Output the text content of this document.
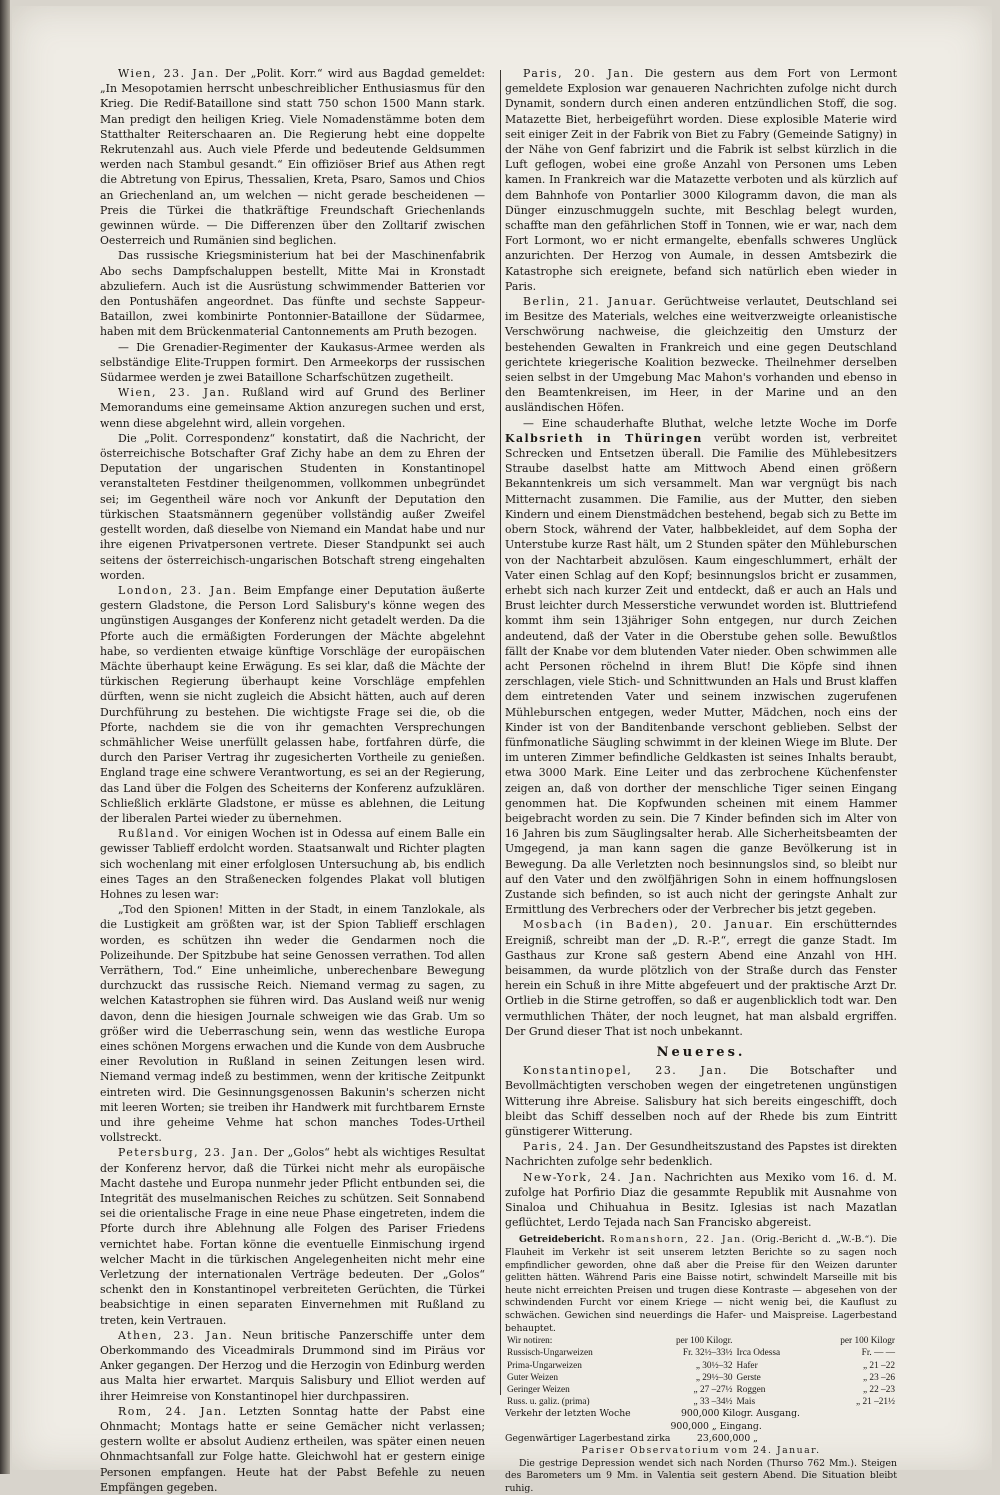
Wien, 23. Jan. Der „Polit. Korr.“ wird aus Bagdad gemeldet: „In Mesopotamien herrscht unbeschreiblicher Enthusiasmus für den Krieg. Die Redif-Bataillone sind statt 750 schon 1500 Mann stark. Man predigt den heiligen Krieg. Viele Nomadenstämme boten dem Statthalter Reiterschaaren an. Die Regierung hebt eine doppelte Rekrutenzahl aus. Auch viele Pferde und bedeutende Geldsummen werden nach Stambul gesandt.“ Ein offiziöser Brief aus Athen regt die Abtretung von Epirus, Thessalien, Kreta, Psaro, Samos und Chios an Griechenland an, um welchen — nicht gerade bescheidenen — Preis die Türkei die thatkräftige Freundschaft Griechenlands gewinnen würde. — Die Differenzen über den Zolltarif zwischen Oesterreich und Rumänien sind beglichen.

Das russische Kriegsministerium hat bei der Maschinenfabrik Abo sechs Dampfschaluppen bestellt, Mitte Mai in Kronstadt abzuliefern. Auch ist die Ausrüstung schwimmender Batterien vor den Pontushäfen angeordnet. Das fünfte und sechste Sappeur-Bataillon, zwei kombinirte Pontonnier-Bataillone der Südarmee, haben mit dem Brückenmaterial Cantonnements am Pruth bezogen.

— Die Grenadier-Regimenter der Kaukasus-Armee werden als selbständige Elite-Truppen formirt. Den Armeekorps der russischen Südarmee werden je zwei Bataillone Scharfschützen zugetheilt.

Wien, 23. Jan. Rußland wird auf Grund des Berliner Memorandums eine gemeinsame Aktion anzuregen suchen und erst, wenn diese abgelehnt wird, allein vorgehen.

Die „Polit. Correspondenz“ konstatirt, daß die Nachricht, der österreichische Botschafter Graf Zichy habe an dem zu Ehren der Deputation der ungarischen Studenten in Konstantinopel veranstalteten Festdiner theilgenommen, vollkommen unbegründet sei; im Gegentheil wäre noch vor Ankunft der Deputation den türkischen Staatsmännern gegenüber vollständig außer Zweifel gestellt worden, daß dieselbe von Niemand ein Mandat habe und nur ihre eigenen Privatpersonen vertrete. Dieser Standpunkt sei auch seitens der österreichisch-ungarischen Botschaft streng eingehalten worden.

London, 23. Jan. Beim Empfange einer Deputation äußerte gestern Gladstone, die Person Lord Salisbury's könne wegen des ungünstigen Ausganges der Konferenz nicht getadelt werden. Da die Pforte auch die ermäßigten Forderungen der Mächte abgelehnt habe, so verdienten etwaige künftige Vorschläge der europäischen Mächte überhaupt keine Erwägung. Es sei klar, daß die Mächte der türkischen Regierung überhaupt keine Vorschläge empfehlen dürften, wenn sie nicht zugleich die Absicht hätten, auch auf deren Durchführung zu bestehen. Die wichtigste Frage sei die, ob die Pforte, nachdem sie die von ihr gemachten Versprechungen schmählicher Weise unerfüllt gelassen habe, fortfahren dürfe, die durch den Pariser Vertrag ihr zugesicherten Vortheile zu genießen. England trage eine schwere Verantwortung, es sei an der Regierung, das Land über die Folgen des Scheiterns der Konferenz aufzuklären. Schließlich erklärte Gladstone, er müsse es ablehnen, die Leitung der liberalen Partei wieder zu übernehmen.

Rußland. Vor einigen Wochen ist in Odessa auf einem Balle ein gewisser Tablieff erdolcht worden. Staatsanwalt und Richter plagten sich wochenlang mit einer erfolglosen Untersuchung ab, bis endlich eines Tages an den Straßenecken folgendes Plakat voll blutigen Hohnes zu lesen war:

„Tod den Spionen! Mitten in der Stadt, in einem Tanzlokale, als die Lustigkeit am größten war, ist der Spion Tablieff erschlagen worden, es schützen ihn weder die Gendarmen noch die Polizeihunde. Der Spitzbube hat seine Genossen verrathen. Tod allen Verräthern, Tod.“ Eine unheimliche, unberechenbare Bewegung durchzuckt das russische Reich. Niemand vermag zu sagen, zu welchen Katastrophen sie führen wird. Das Ausland weiß nur wenig davon, denn die hiesigen Journale schweigen wie das Grab. Um so größer wird die Ueberraschung sein, wenn das westliche Europa eines schönen Morgens erwachen und die Kunde von dem Ausbruche einer Revolution in Rußland in seinen Zeitungen lesen wird. Niemand vermag indeß zu bestimmen, wenn der kritische Zeitpunkt eintreten wird. Die Gesinnungsgenossen Bakunin's scherzen nicht mit leeren Worten; sie treiben ihr Handwerk mit furchtbarem Ernste und ihre geheime Vehme hat schon manches Todes-Urtheil vollstreckt.

Petersburg, 23. Jan. Der „Golos“ hebt als wichtiges Resultat der Konferenz hervor, daß die Türkei nicht mehr als europäische Macht dastehe und Europa nunmehr jeder Pflicht entbunden sei, die Integrität des muselmanischen Reiches zu schützen. Seit Sonnabend sei die orientalische Frage in eine neue Phase eingetreten, indem die Pforte durch ihre Ablehnung alle Folgen des Pariser Friedens vernichtet habe. Fortan könne die eventuelle Einmischung irgend welcher Macht in die türkischen Angelegenheiten nicht mehr eine Verletzung der internationalen Verträge bedeuten. Der „Golos“ schenkt den in Konstantinopel verbreiteten Gerüchten, die Türkei beabsichtige in einen separaten Einvernehmen mit Rußland zu treten, kein Vertrauen.

Athen, 23. Jan. Neun britische Panzerschiffe unter dem Oberkommando des Viceadmirals Drummond sind im Piräus vor Anker gegangen. Der Herzog und die Herzogin von Edinburg werden aus Malta hier erwartet. Marquis Salisbury und Elliot werden auf ihrer Heimreise von Konstantinopel hier durchpassiren.

Rom, 24. Jan. Letzten Sonntag hatte der Pabst eine Ohnmacht; Montags hatte er seine Gemächer nicht verlassen; gestern wollte er absolut Audienz ertheilen, was später einen neuen Ohnmachtsanfall zur Folge hatte. Gleichwohl hat er gestern einige Personen empfangen. Heute hat der Pabst Befehle zu neuen Empfängen gegeben.

Paris, 20. Jan. Die gestern aus dem Fort von Lermont gemeldete Explosion war genaueren Nachrichten zufolge nicht durch Dynamit, sondern durch einen anderen entzündlichen Stoff, die sog. Matazette Biet, herbeigeführt worden. Diese explosible Materie wird seit einiger Zeit in der Fabrik von Biet zu Fabry (Gemeinde Satigny) in der Nähe von Genf fabrizirt und die Fabrik ist selbst kürzlich in die Luft geflogen, wobei eine große Anzahl von Personen ums Leben kamen. In Frankreich war die Matazette verboten und als kürzlich auf dem Bahnhofe von Pontarlier 3000 Kilogramm davon, die man als Dünger einzuschmuggeln suchte, mit Beschlag belegt wurden, schaffte man den gefährlichen Stoff in Tonnen, wie er war, nach dem Fort Lormont, wo er nicht ermangelte, ebenfalls schweres Unglück anzurichten. Der Herzog von Aumale, in dessen Amtsbezirk die Katastrophe sich ereignete, befand sich natürlich eben wieder in Paris.

Berlin, 21. Januar. Gerüchtweise verlautet, Deutschland sei im Besitze des Materials, welches eine weitverzweigte orleanistische Verschwörung nachweise, die gleichzeitig den Umsturz der bestehenden Gewalten in Frankreich und eine gegen Deutschland gerichtete kriegerische Koalition bezwecke. Theilnehmer derselben seien selbst in der Umgebung Mac Mahon's vorhanden und ebenso in den Beamtenkreisen, im Heer, in der Marine und an den ausländischen Höfen.

— Eine schauderhafte Bluthat, welche letzte Woche im Dorfe Kalbsrieth in Thüringen verübt worden ist, verbreitet Schrecken und Entsetzen überall. Die Familie des Mühlebesitzers Straube daselbst hatte am Mittwoch Abend einen größern Bekanntenkreis um sich versammelt. Man war vergnügt bis nach Mitternacht zusammen. Die Familie, aus der Mutter, den sieben Kindern und einem Dienstmädchen bestehend, begab sich zu Bette im obern Stock, während der Vater, halbbekleidet, auf dem Sopha der Unterstube kurze Rast hält, um 2 Stunden später den Mühleburschen von der Nachtarbeit abzulösen. Kaum eingeschlummert, erhält der Vater einen Schlag auf den Kopf; besinnungslos bricht er zusammen, erhebt sich nach kurzer Zeit und entdeckt, daß er auch an Hals und Brust leichter durch Messerstiche verwundet worden ist. Bluttriefend kommt ihm sein 13jähriger Sohn entgegen, nur durch Zeichen andeutend, daß der Vater in die Oberstube gehen solle. Bewußtlos fällt der Knabe vor dem blutenden Vater nieder. Oben schwimmen alle acht Personen röchelnd in ihrem Blut! Die Köpfe sind ihnen zerschlagen, viele Stich- und Schnittwunden an Hals und Brust klaffen dem eintretenden Vater und seinem inzwischen zugerufenen Mühleburschen entgegen, weder Mutter, Mädchen, noch eins der Kinder ist von der Banditenbande verschont geblieben. Selbst der fünfmonatliche Säugling schwimmt in der kleinen Wiege im Blute. Der im unteren Zimmer befindliche Geldkasten ist seines Inhalts beraubt, etwa 3000 Mark. Eine Leiter und das zerbrochene Küchenfenster zeigen an, daß von dorther der menschliche Tiger seinen Eingang genommen hat. Die Kopfwunden scheinen mit einem Hammer beigebracht worden zu sein. Die 7 Kinder befinden sich im Alter von 16 Jahren bis zum Säuglingsalter herab. Alle Sicherheitsbeamten der Umgegend, ja man kann sagen die ganze Bevölkerung ist in Bewegung. Da alle Verletzten noch besinnungslos sind, so bleibt nur auf den Vater und den zwölfjährigen Sohn in einem hoffnungslosen Zustande sich befinden, so ist auch nicht der geringste Anhalt zur Ermittlung des Verbrechers oder der Verbrecher bis jetzt gegeben.

Mosbach (in Baden), 20. Januar. Ein erschütterndes Ereigniß, schreibt man der „D. R.-P.“, erregt die ganze Stadt. Im Gasthaus zur Krone saß gestern Abend eine Anzahl von HH. beisammen, da wurde plötzlich von der Straße durch das Fenster herein ein Schuß in ihre Mitte abgefeuert und der praktische Arzt Dr. Ortlieb in die Stirne getroffen, so daß er augenblicklich todt war. Den vermuthlichen Thäter, der noch leugnet, hat man alsbald ergriffen. Der Grund dieser That ist noch unbekannt.

Neueres.

Konstantinopel, 23. Jan. Die Botschafter und Bevollmächtigten verschoben wegen der eingetretenen ungünstigen Witterung ihre Abreise. Salisbury hat sich bereits eingeschifft, doch bleibt das Schiff desselben noch auf der Rhede bis zum Eintritt günstigerer Witterung.

Paris, 24. Jan. Der Gesundheitszustand des Papstes ist direkten Nachrichten zufolge sehr bedenklich.

New-York, 24. Jan. Nachrichten aus Mexiko vom 16. d. M. zufolge hat Porfirio Diaz die gesammte Republik mit Ausnahme von Sinaloa und Chihuahua in Besitz. Iglesias ist nach Mazatlan geflüchtet, Lerdo Tejada nach San Francisko abgereist.

Getreidebericht. Romanshorn, 22. Jan. (Orig.-Bericht d. „W.-B.“). Die Flauheit im Verkehr ist seit unserem letzten Berichte so zu sagen noch empfindlicher geworden, ohne daß aber die Preise für den Weizen darunter gelitten hätten. Während Paris eine Baisse notirt, schwindelt Marseille mit bis heute nicht erreichten Preisen und trugen diese Kontraste — abgesehen von der schwindenden Furcht vor einem Kriege — nicht wenig bei, die Kauflust zu schwächen. Gewichen sind neuerdings die Hafer- und Maispreise. Lagerbestand behauptet.

Wir notiren:	per 100 Kilogr.		per 100 Kilogr
Russisch-Ungarweizen	Fr. 32½–33½	Irca Odessa	Fr. — —
Prima-Ungarweizen	„ 30½–32	Hafer	„ 21 –22
Guter Weizen	„ 29½–30	Gerste	„ 23 –26
Geringer Weizen	„ 27 –27½	Roggen	„ 22 –23
Russ. u. galiz. (prima)	„ 33 –34½	Mais	„ 21 –21½
Verkehr der letzten Woche	900,000 Kilogr. Ausgang.
900,000 „ Eingang.
Gegenwärtiger Lagerbestand zirka	23,600,000 „
Pariser Observatorium vom 24. Januar.

Die gestrige Depression wendet sich nach Norden (Thurso 762 Mm.). Steigen des Barometers um 9 Mm. in Valentia seit gestern Abend. Die Situation bleibt ruhig.
